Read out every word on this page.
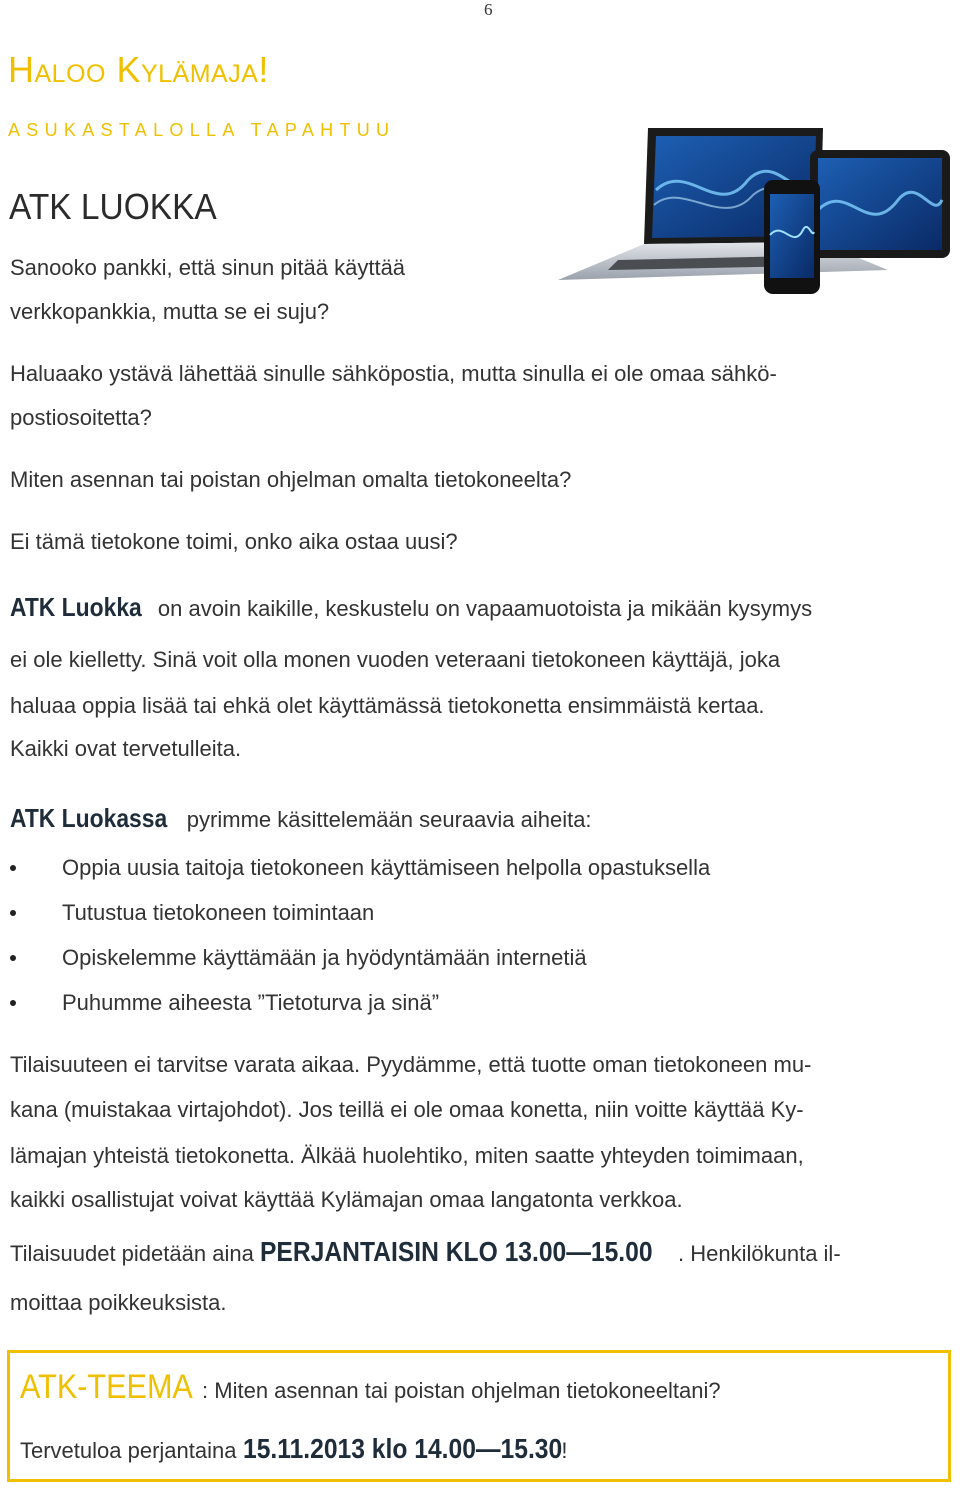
6
Haloo Kylämaja!
ASUKASTALOLLA TAPAHTUU
ATK LUOKKA
Sanooko pankki, että sinun pitää käyttää
verkkopankkia, mutta se ei suju?
Haluaako ystävä lähettää sinulle sähköpostia, mutta sinulla ei ole omaa sähkö-
postiosoitetta?
Miten asennan tai poistan ohjelman omalta tietokoneelta?
Ei tämä tietokone toimi, onko aika ostaa uusi?
ATK Luokka on avoin kaikille, keskustelu on vapaamuotoista ja mikään kysymys
ei ole kielletty. Sinä voit olla monen vuoden veteraani tietokoneen käyttäjä, joka
haluaa oppia lisää tai ehkä olet käyttämässä tietokonetta ensimmäistä kertaa.
Kaikki ovat tervetulleita.
ATK Luokassa pyrimme käsittelemään seuraavia aiheita:
Oppia uusia taitoja tietokoneen käyttämiseen helpolla opastuksella
Tutustua tietokoneen toimintaan
Opiskelemme käyttämään ja hyödyntämään internetiä
Puhumme aiheesta ”Tietoturva ja sinä”
Tilaisuuteen ei tarvitse varata aikaa. Pyydämme, että tuotte oman tietokoneen mu-
kana (muistakaa virtajohdot). Jos teillä ei ole omaa konetta, niin voitte käyttää Ky-
lämajan yhteistä tietokonetta. Älkää huolehtiko, miten saatte yhteyden toimimaan,
kaikki osallistujat voivat käyttää Kylämajan omaa langatonta verkkoa.
Tilaisuudet pidetään aina PERJANTAISIN KLO 13.00—15.00 . Henkilökunta il-
moittaa poikkeuksista.
ATK-TEEMA : Miten asennan tai poistan ohjelman tietokoneeltani?
Tervetuloa perjantaina 15.11.2013 klo 14.00—15.30!
